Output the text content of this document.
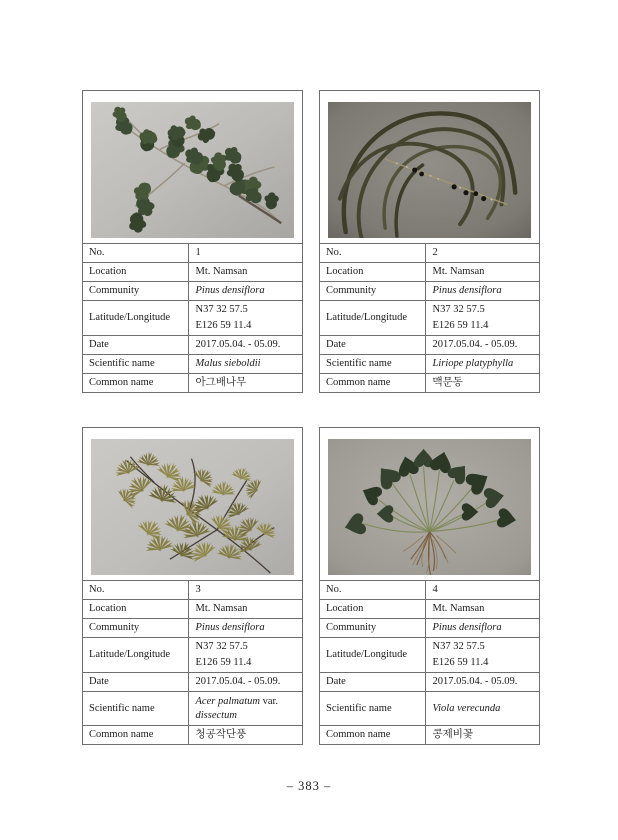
No.	1
Location	Mt. Namsan
Community	Pinus densiflora
Latitude/Longitude	N37 32 57.5
E126 59 11.4

Date	2017.05.04. - 05.09.
Scientific name	Malus sieboldii
Common name	아그배나무
No.	2
Location	Mt. Namsan
Community	Pinus densiflora
Latitude/Longitude	N37 32 57.5
E126 59 11.4

Date	2017.05.04. - 05.09.
Scientific name	Liriope platyphylla
Common name	맥문동
No.	3
Location	Mt. Namsan
Community	Pinus densiflora
Latitude/Longitude	N37 32 57.5
E126 59 11.4

Date	2017.05.04. - 05.09.
Scientific name	Acer palmatum var. dissectum
Common name	청공작단풍
No.	4
Location	Mt. Namsan
Community	Pinus densiflora
Latitude/Longitude	N37 32 57.5
E126 59 11.4

Date	2017.05.04. - 05.09.
Scientific name	Viola verecunda
Common name	콩제비꽃
– 383 –
